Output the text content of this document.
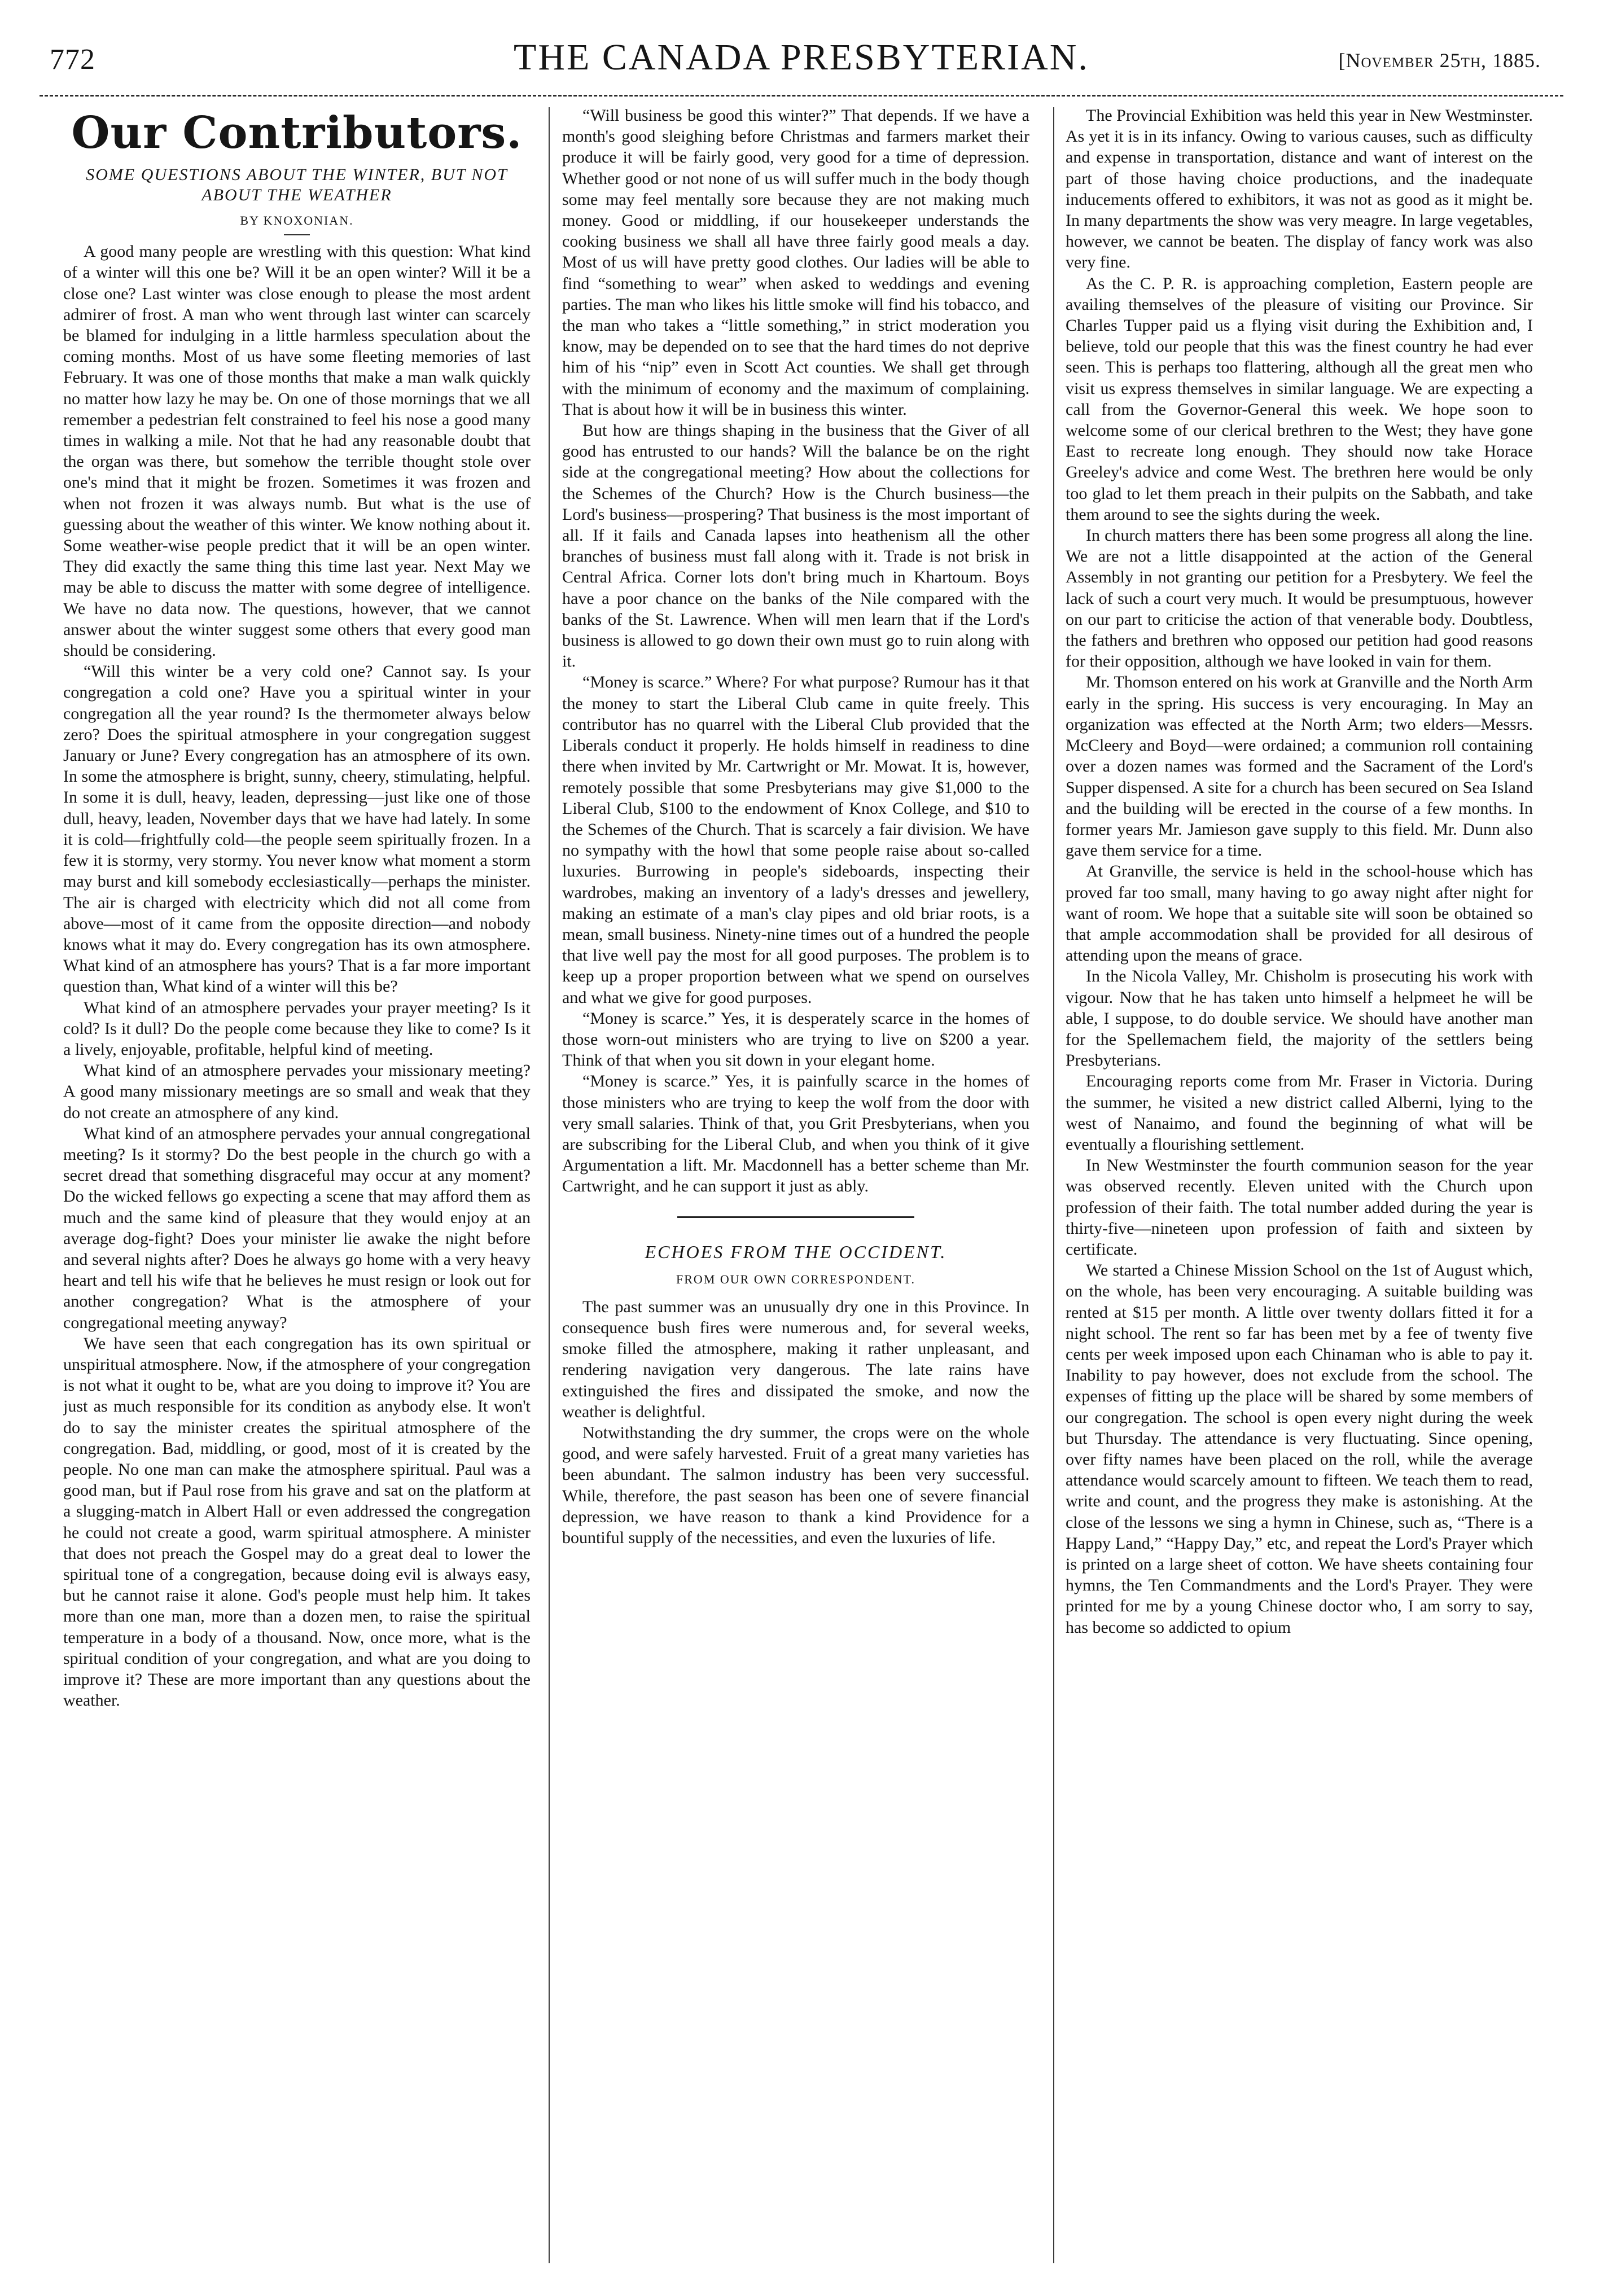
772	THE CANADA PRESBYTERIAN.	[November 25th, 1885.
Our Contributors.
SOME QUESTIONS ABOUT THE WINTER, BUT NOT ABOUT THE WEATHER
BY KNOXONIAN.

A good many people are wrestling with this question: What kind of a winter will this one be? Will it be an open winter? Will it be a close one? Last winter was close enough to please the most ardent admirer of frost. A man who went through last winter can scarcely be blamed for indulging in a little harmless speculation about the coming months. Most of us have some fleeting memories of last February. It was one of those months that make a man walk quickly no matter how lazy he may be. On one of those mornings that we all remember a pedestrian felt constrained to feel his nose a good many times in walking a mile. Not that he had any reasonable doubt that the organ was there, but somehow the terrible thought stole over one's mind that it might be frozen. Sometimes it was frozen and when not frozen it was always numb. But what is the use of guessing about the weather of this winter. We know nothing about it. Some weather-wise people predict that it will be an open winter. They did exactly the same thing this time last year. Next May we may be able to discuss the matter with some degree of intelligence. We have no data now. The questions, however, that we cannot answer about the winter suggest some others that every good man should be considering.

“Will this winter be a very cold one? Cannot say. Is your congregation a cold one? Have you a spiritual winter in your congregation all the year round? Is the thermometer always below zero? Does the spiritual atmosphere in your congregation suggest January or June? Every congregation has an atmosphere of its own. In some the atmosphere is bright, sunny, cheery, stimulating, helpful. In some it is dull, heavy, leaden, depressing—just like one of those dull, heavy, leaden, November days that we have had lately. In some it is cold—frightfully cold—the people seem spiritually frozen. In a few it is stormy, very stormy. You never know what moment a storm may burst and kill somebody ecclesiastically—perhaps the minister. The air is charged with electricity which did not all come from above—most of it came from the opposite direction—and nobody knows what it may do. Every congregation has its own atmosphere. What kind of an atmosphere has yours? That is a far more important question than, What kind of a winter will this be?

What kind of an atmosphere pervades your prayer meeting? Is it cold? Is it dull? Do the people come because they like to come? Is it a lively, enjoyable, profitable, helpful kind of meeting.

What kind of an atmosphere pervades your missionary meeting? A good many missionary meetings are so small and weak that they do not create an atmosphere of any kind.

What kind of an atmosphere pervades your annual congregational meeting? Is it stormy? Do the best people in the church go with a secret dread that something disgraceful may occur at any moment? Do the wicked fellows go expecting a scene that may afford them as much and the same kind of pleasure that they would enjoy at an average dog-fight? Does your minister lie awake the night before and several nights after? Does he always go home with a very heavy heart and tell his wife that he believes he must resign or look out for another congregation? What is the atmosphere of your congregational meeting anyway?

We have seen that each congregation has its own spiritual or unspiritual atmosphere. Now, if the atmosphere of your congregation is not what it ought to be, what are you doing to improve it? You are just as much responsible for its condition as anybody else. It won't do to say the minister creates the spiritual atmosphere of the congregation. Bad, middling, or good, most of it is created by the people. No one man can make the atmosphere spiritual. Paul was a good man, but if Paul rose from his grave and sat on the platform at a slugging-match in Albert Hall or even addressed the congregation he could not create a good, warm spiritual atmosphere. A minister that does not preach the Gospel may do a great deal to lower the spiritual tone of a congregation, because doing evil is always easy, but he cannot raise it alone. God's people must help him. It takes more than one man, more than a dozen men, to raise the spiritual temperature in a body of a thousand. Now, once more, what is the spiritual condition of your congregation, and what are you doing to improve it? These are more important than any questions about the weather.

“Will business be good this winter?” That depends. If we have a month's good sleighing before Christmas and farmers market their produce it will be fairly good, very good for a time of depression. Whether good or not none of us will suffer much in the body though some may feel mentally sore because they are not making much money. Good or middling, if our housekeeper understands the cooking business we shall all have three fairly good meals a day. Most of us will have pretty good clothes. Our ladies will be able to find “something to wear” when asked to weddings and evening parties. The man who likes his little smoke will find his tobacco, and the man who takes a “little something,” in strict moderation you know, may be depended on to see that the hard times do not deprive him of his “nip” even in Scott Act counties. We shall get through with the minimum of economy and the maximum of complaining. That is about how it will be in business this winter.

But how are things shaping in the business that the Giver of all good has entrusted to our hands? Will the balance be on the right side at the congregational meeting? How about the collections for the Schemes of the Church? How is the Church business—the Lord's business—prospering? That business is the most important of all. If it fails and Canada lapses into heathenism all the other branches of business must fall along with it. Trade is not brisk in Central Africa. Corner lots don't bring much in Khartoum. Boys have a poor chance on the banks of the Nile compared with the banks of the St. Lawrence. When will men learn that if the Lord's business is allowed to go down their own must go to ruin along with it.

“Money is scarce.” Where? For what purpose? Rumour has it that the money to start the Liberal Club came in quite freely. This contributor has no quarrel with the Liberal Club provided that the Liberals conduct it properly. He holds himself in readiness to dine there when invited by Mr. Cartwright or Mr. Mowat. It is, however, remotely possible that some Presbyterians may give $1,000 to the Liberal Club, $100 to the endowment of Knox College, and $10 to the Schemes of the Church. That is scarcely a fair division. We have no sympathy with the howl that some people raise about so-called luxuries. Burrowing in people's sideboards, inspecting their wardrobes, making an inventory of a lady's dresses and jewellery, making an estimate of a man's clay pipes and old briar roots, is a mean, small business. Ninety-nine times out of a hundred the people that live well pay the most for all good purposes. The problem is to keep up a proper proportion between what we spend on ourselves and what we give for good purposes.

“Money is scarce.” Yes, it is desperately scarce in the homes of those worn-out ministers who are trying to live on $200 a year. Think of that when you sit down in your elegant home.

“Money is scarce.” Yes, it is painfully scarce in the homes of those ministers who are trying to keep the wolf from the door with very small salaries. Think of that, you Grit Presbyterians, when you are subscribing for the Liberal Club, and when you think of it give Argumentation a lift. Mr. Macdonnell has a better scheme than Mr. Cartwright, and he can support it just as ably.

ECHOES FROM THE OCCIDENT.
FROM OUR OWN CORRESPONDENT.

The past summer was an unusually dry one in this Province. In consequence bush fires were numerous and, for several weeks, smoke filled the atmosphere, making it rather unpleasant, and rendering navigation very dangerous. The late rains have extinguished the fires and dissipated the smoke, and now the weather is delightful.

Notwithstanding the dry summer, the crops were on the whole good, and were safely harvested. Fruit of a great many varieties has been abundant. The salmon industry has been very successful. While, therefore, the past season has been one of severe financial depression, we have reason to thank a kind Providence for a bountiful supply of the necessities, and even the luxuries of life.

The Provincial Exhibition was held this year in New Westminster. As yet it is in its infancy. Owing to various causes, such as difficulty and expense in transportation, distance and want of interest on the part of those having choice productions, and the inadequate inducements offered to exhibitors, it was not as good as it might be. In many departments the show was very meagre. In large vegetables, however, we cannot be beaten. The display of fancy work was also very fine.

As the C. P. R. is approaching completion, Eastern people are availing themselves of the pleasure of visiting our Province. Sir Charles Tupper paid us a flying visit during the Exhibition and, I believe, told our people that this was the finest country he had ever seen. This is perhaps too flattering, although all the great men who visit us express themselves in similar language. We are expecting a call from the Governor-General this week. We hope soon to welcome some of our clerical brethren to the West; they have gone East to recreate long enough. They should now take Horace Greeley's advice and come West. The brethren here would be only too glad to let them preach in their pulpits on the Sabbath, and take them around to see the sights during the week.

In church matters there has been some progress all along the line. We are not a little disappointed at the action of the General Assembly in not granting our petition for a Presbytery. We feel the lack of such a court very much. It would be presumptuous, however on our part to criticise the action of that venerable body. Doubtless, the fathers and brethren who opposed our petition had good reasons for their opposition, although we have looked in vain for them.

Mr. Thomson entered on his work at Granville and the North Arm early in the spring. His success is very encouraging. In May an organization was effected at the North Arm; two elders—Messrs. McCleery and Boyd—were ordained; a communion roll containing over a dozen names was formed and the Sacrament of the Lord's Supper dispensed. A site for a church has been secured on Sea Island and the building will be erected in the course of a few months. In former years Mr. Jamieson gave supply to this field. Mr. Dunn also gave them service for a time.

At Granville, the service is held in the school-house which has proved far too small, many having to go away night after night for want of room. We hope that a suitable site will soon be obtained so that ample accommodation shall be provided for all desirous of attending upon the means of grace.

In the Nicola Valley, Mr. Chisholm is prosecuting his work with vigour. Now that he has taken unto himself a helpmeet he will be able, I suppose, to do double service. We should have another man for the Spellemachem field, the majority of the settlers being Presbyterians.

Encouraging reports come from Mr. Fraser in Victoria. During the summer, he visited a new district called Alberni, lying to the west of Nanaimo, and found the beginning of what will be eventually a flourishing settlement.

In New Westminster the fourth communion season for the year was observed recently. Eleven united with the Church upon profession of their faith. The total number added during the year is thirty-five—nineteen upon profession of faith and sixteen by certificate.

We started a Chinese Mission School on the 1st of August which, on the whole, has been very encouraging. A suitable building was rented at $15 per month. A little over twenty dollars fitted it for a night school. The rent so far has been met by a fee of twenty five cents per week imposed upon each Chinaman who is able to pay it. Inability to pay however, does not exclude from the school. The expenses of fitting up the place will be shared by some members of our congregation. The school is open every night during the week but Thursday. The attendance is very fluctuating. Since opening, over fifty names have been placed on the roll, while the average attendance would scarcely amount to fifteen. We teach them to read, write and count, and the progress they make is astonishing. At the close of the lessons we sing a hymn in Chinese, such as, “There is a Happy Land,” “Happy Day,” etc, and repeat the Lord's Prayer which is printed on a large sheet of cotton. We have sheets containing four hymns, the Ten Commandments and the Lord's Prayer. They were printed for me by a young Chinese doctor who, I am sorry to say, has become so addicted to opium
